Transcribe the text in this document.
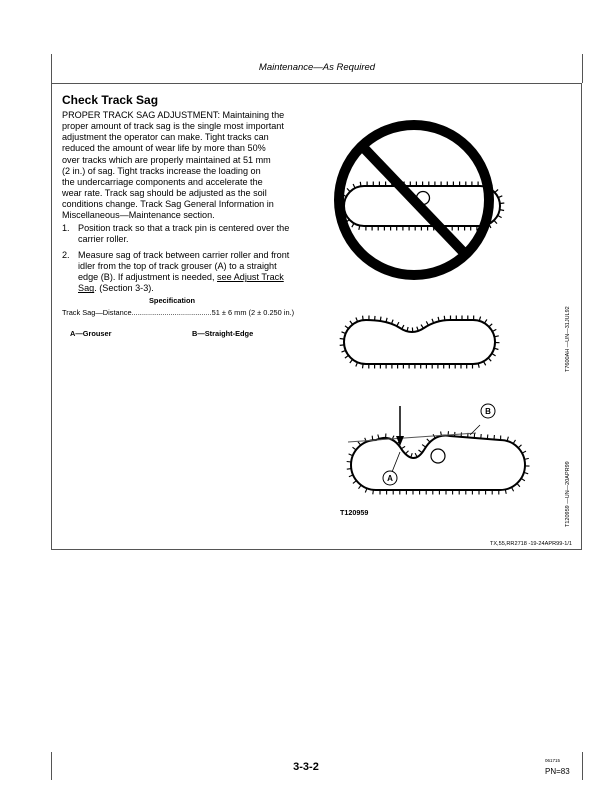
Maintenance—As Required
Check Track Sag
PROPER TRACK SAG ADJUSTMENT: Maintaining the
proper amount of track sag is the single most important
adjustment the operator can make. Tight tracks can
reduced the amount of wear life by more than 50%
over tracks which are properly maintained at 51 mm
(2 in.) of sag. Tight tracks increase the loading on
the undercarriage components and accelerate the
wear rate. Track sag should be adjusted as the soil
conditions change. Track Sag General Information in
Miscellaneous—Maintenance section.
1. Position track so that a track pin is centered over the
carrier roller.
2. Measure sag of track between carrier roller and front
idler from the top of track grouser (A) to a straight
edge (B). If adjustment is needed, see Adjust Track
Sag. (Section 3-3).
Specification
Track Sag—Distance.......................................51 ± 6 mm (2 ± 0.250 in.)
A—Grouser	B—Straight-Edge
B
A
T120959
T7600AH —UN—31JUL92
T120959 —UN—20APR99
TX,55,RR2718 -19-24APR99-1/1
3-3-2
061715
PN=83
